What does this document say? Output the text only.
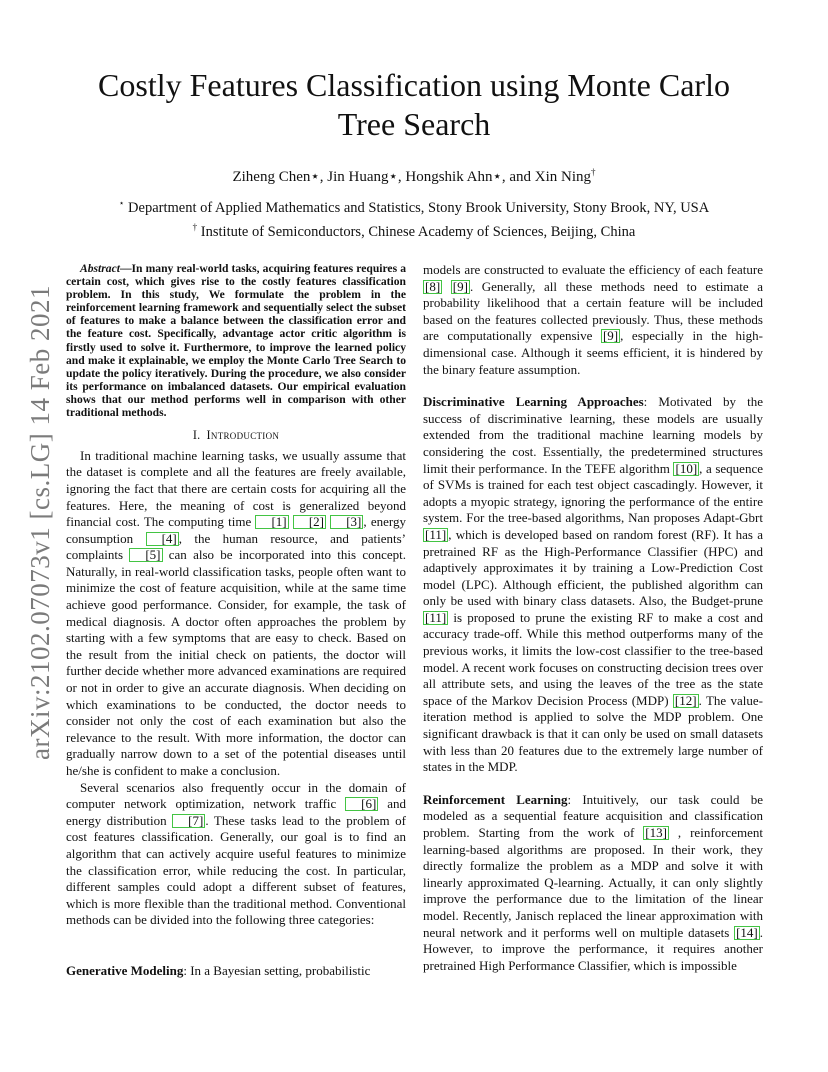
arXiv:2102.07073v1 [cs.LG] 14 Feb 2021
Costly Features Classification using Monte Carlo
Tree Search
Ziheng Chen⋆, Jin Huang⋆, Hongshik Ahn⋆, and Xin Ning†
⋆ Department of Applied Mathematics and Statistics, Stony Brook University, Stony Brook, NY, USA
† Institute of Semiconductors, Chinese Academy of Sciences, Beijing, China

Abstract—In many real-world tasks, acquiring features requires a certain cost, which gives rise to the costly features classification problem. In this study, We formulate the problem in the reinforcement learning framework and sequentially select the subset of features to make a balance between the classification error and the feature cost. Specifically, advantage actor critic algorithm is firstly used to solve it. Furthermore, to improve the learned policy and make it explainable, we employ the Monte Carlo Tree Search to update the policy iteratively. During the procedure, we also consider its performance on imbalanced datasets. Our empirical evaluation shows that our method performs well in comparison with other traditional methods.

I. Introduction

In traditional machine learning tasks, we usually assume that the dataset is complete and all the features are freely available, ignoring the fact that there are certain costs for acquiring all the features. Here, the meaning of cost is generalized beyond financial cost. The computing time [1] [2] [3] , energy consumption [4] , the human resource, and patients’ complaints [5] can also be incorporated into this concept. Naturally, in real-world classification tasks, people often want to minimize the cost of feature acquisition, while at the same time achieve good performance. Consider, for example, the task of medical diagnosis. A doctor often approaches the problem by starting with a few symptoms that are easy to check. Based on the result from the initial check on patients, the doctor will further decide whether more advanced examinations are required or not in order to give an accurate diagnosis. When deciding on which examinations to be conducted, the doctor needs to consider not only the cost of each examination but also the relevance to the result. With more information, the doctor can gradually narrow down to a set of the potential diseases until he/she is confident to make a conclusion.

Several scenarios also frequently occur in the domain of computer network optimization, network traffic [6] and energy distribution [7] . These tasks lead to the problem of cost features classification. Generally, our goal is to find an algorithm that can actively acquire useful features to minimize the classification error, while reducing the cost. In particular, different samples could adopt a different subset of features, which is more flexible than the traditional method. Conventional methods can be divided into the following three categories:

Generative Modeling: In a Bayesian setting, probabilistic

models are constructed to evaluate the efficiency of each feature [8] [9] . Generally, all these methods need to estimate a probability likelihood that a certain feature will be included based on the features collected previously. Thus, these methods are computationally expensive [9] , especially in the high-dimensional case. Although it seems efficient, it is hindered by the binary feature assumption.

Discriminative Learning Approaches: Motivated by the success of discriminative learning, these models are usually extended from the traditional machine learning models by considering the cost. Essentially, the predetermined structures limit their performance. In the TEFE algorithm [10] , a sequence of SVMs is trained for each test object cascadingly. However, it adopts a myopic strategy, ignoring the performance of the entire system. For the tree-based algorithms, Nan proposes Adapt-Gbrt [11] , which is developed based on random forest (RF). It has a pretrained RF as the High-Performance Classifier (HPC) and adaptively approximates it by training a Low-Prediction Cost model (LPC). Although efficient, the published algorithm can only be used with binary class datasets. Also, the Budget-prune [11] is proposed to prune the existing RF to make a cost and accuracy trade-off. While this method outperforms many of the previous works, it limits the low-cost classifier to the tree-based model. A recent work focuses on constructing decision trees over all attribute sets, and using the leaves of the tree as the state space of the Markov Decision Process (MDP) [12] . The value-iteration method is applied to solve the MDP problem. One significant drawback is that it can only be used on small datasets with less than 20 features due to the extremely large number of states in the MDP.

Reinforcement Learning: Intuitively, our task could be modeled as a sequential feature acquisition and classification problem. Starting from the work of [13] , reinforcement learning-based algorithms are proposed. In their work, they directly formalize the problem as a MDP and solve it with linearly approximated Q-learning. Actually, it can only slightly improve the performance due to the limitation of the linear model. Recently, Janisch replaced the linear approximation with neural network and it performs well on multiple datasets [14] . However, to improve the performance, it requires another pretrained High Performance Classifier, which is impossible
